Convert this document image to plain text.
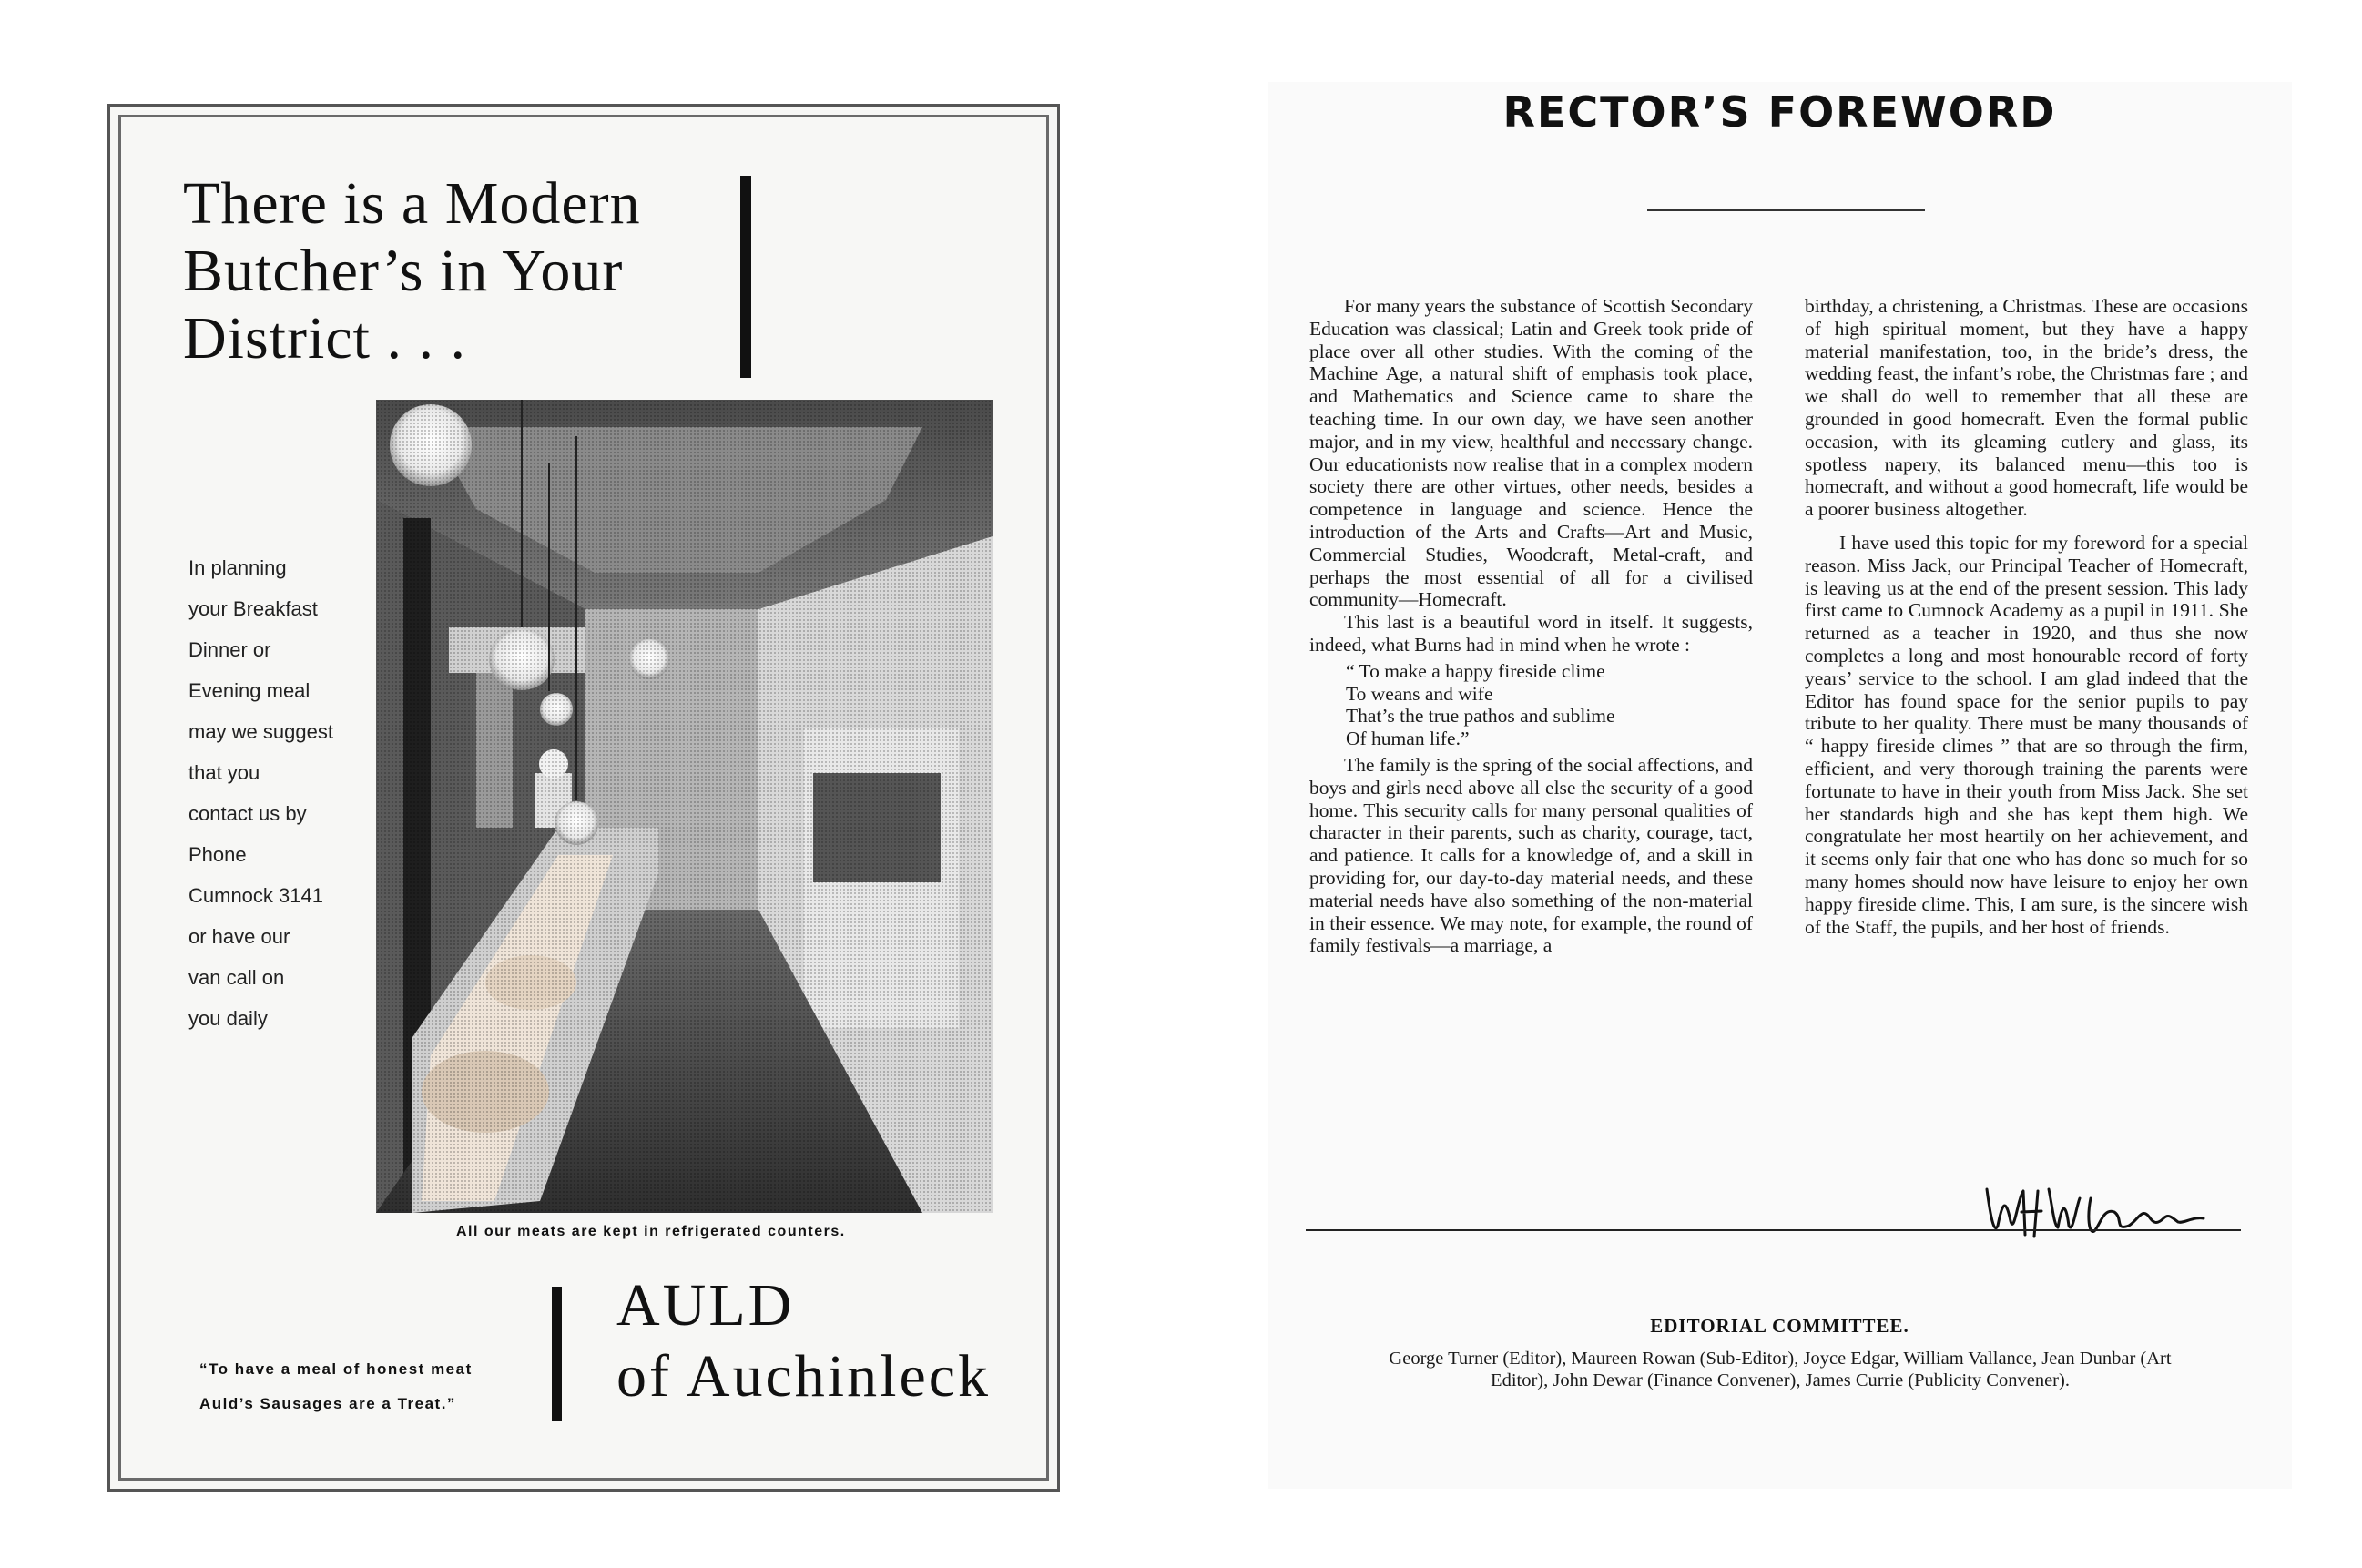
There is a Modern
Butcher’s in Your
District . . .
In planning
your Breakfast
Dinner or
Evening meal
may we suggest
that you
contact us by
Phone
Cumnock 3141
or have our
van call on
you daily
All our meats are kept in refrigerated counters.
“To have a meal of honest meat
Auld’s Sausages are a Treat.”
AULD
of Auchinleck
RECTOR’S FOREWORD

For many years the substance of Scottish Secondary Education was classical; Latin and Greek took pride of place over all other studies. With the coming of the Machine Age, a natural shift of emphasis took place, and Mathematics and Science came to share the teaching time. In our own day, we have seen another major, and in my view, healthful and necessary change. Our educationists now realise that in a complex modern society there are other virtues, other needs, besides a competence in language and science. Hence the introduction of the Arts and Crafts—Art and Music, Commercial Studies, Woodcraft, Metal-craft, and perhaps the most essential of all for a civilised community—Homecraft.

This last is a beautiful word in itself. It suggests, indeed, what Burns had in mind when he wrote :

“ To make a happy fireside clime
To weans and wife
That’s the true pathos and sublime
Of human life.”

The family is the spring of the social affections, and boys and girls need above all else the security of a good home. This security calls for many personal qualities of character in their parents, such as charity, courage, tact, and patience. It calls for a knowledge of, and a skill in providing for, our day-to-day material needs, and these material needs have also something of the non-material in their essence. We may note, for example, the round of family festivals—a marriage, a

birthday, a christening, a Christmas. These are occasions of high spiritual moment, but they have a happy material manifestation, too, in the bride’s dress, the wedding feast, the infant’s robe, the Christmas fare ; and we shall do well to remember that all these are grounded in good homecraft. Even the formal public occasion, with its gleaming cutlery and glass, its spotless napery, its balanced menu—this too is homecraft, and without a good homecraft, life would be a poorer business altogether.

I have used this topic for my foreword for a special reason. Miss Jack, our Principal Teacher of Homecraft, is leaving us at the end of the present session. This lady first came to Cumnock Academy as a pupil in 1911. She returned as a teacher in 1920, and thus she now completes a long and most honourable record of forty years’ service to the school. I am glad indeed that the Editor has found space for the senior pupils to pay tribute to her quality. There must be many thousands of “ happy fireside climes ” that are so through the firm, efficient, and very thorough training the parents were fortunate to have in their youth from Miss Jack. She set her standards high and she has kept them high. We congratulate her most heartily on her achievement, and it seems only fair that one who has done so much for so many homes should now have leisure to enjoy her own happy fireside clime. This, I am sure, is the sincere wish of the Staff, the pupils, and her host of friends.

EDITORIAL COMMITTEE.
George Turner (Editor), Maureen Rowan (Sub-Editor), Joyce Edgar, William Vallance, Jean Dunbar (Art Editor), John Dewar (Finance Convener), James Currie (Publicity Convener).
